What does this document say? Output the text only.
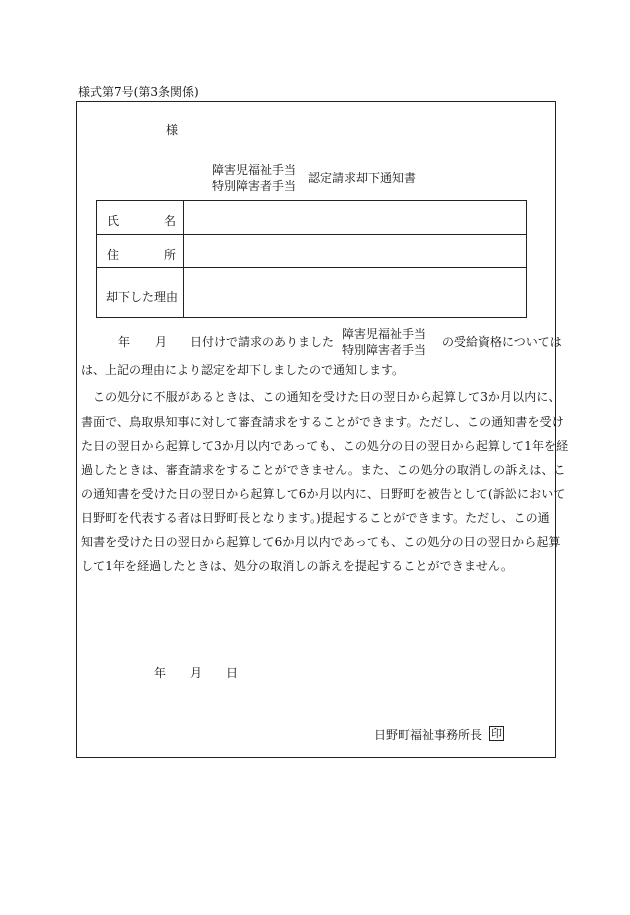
様式第7号(第3条関係)
様
障害児福祉手当
特別障害者手当
認定請求却下通知書
氏	名
住	所
却下した理由
年 月 日付けで請求のありました
障害児福祉手当
特別障害者手当
の受給資格については
は、上記の理由により認定を却下しましたので通知します。
この処分に不服があるときは、この通知を受けた日の翌日から起算して3か月以内に、
書面で、鳥取県知事に対して審査請求をすることができます。ただし、この通知書を受け
た日の翌日から起算して3か月以内であっても、この処分の日の翌日から起算して1年を経
過したときは、審査請求をすることができません。また、この処分の取消しの訴えは、こ
の通知書を受けた日の翌日から起算して6か月以内に、日野町を被告として(訴訟において
日野町を代表する者は日野町長となります。)提起することができます。ただし、この通
知書を受けた日の翌日から起算して6か月以内であっても、この処分の日の翌日から起算
して1年を経過したときは、処分の取消しの訴えを提起することができません。
年 月 日
日野町福祉事務所長 印
